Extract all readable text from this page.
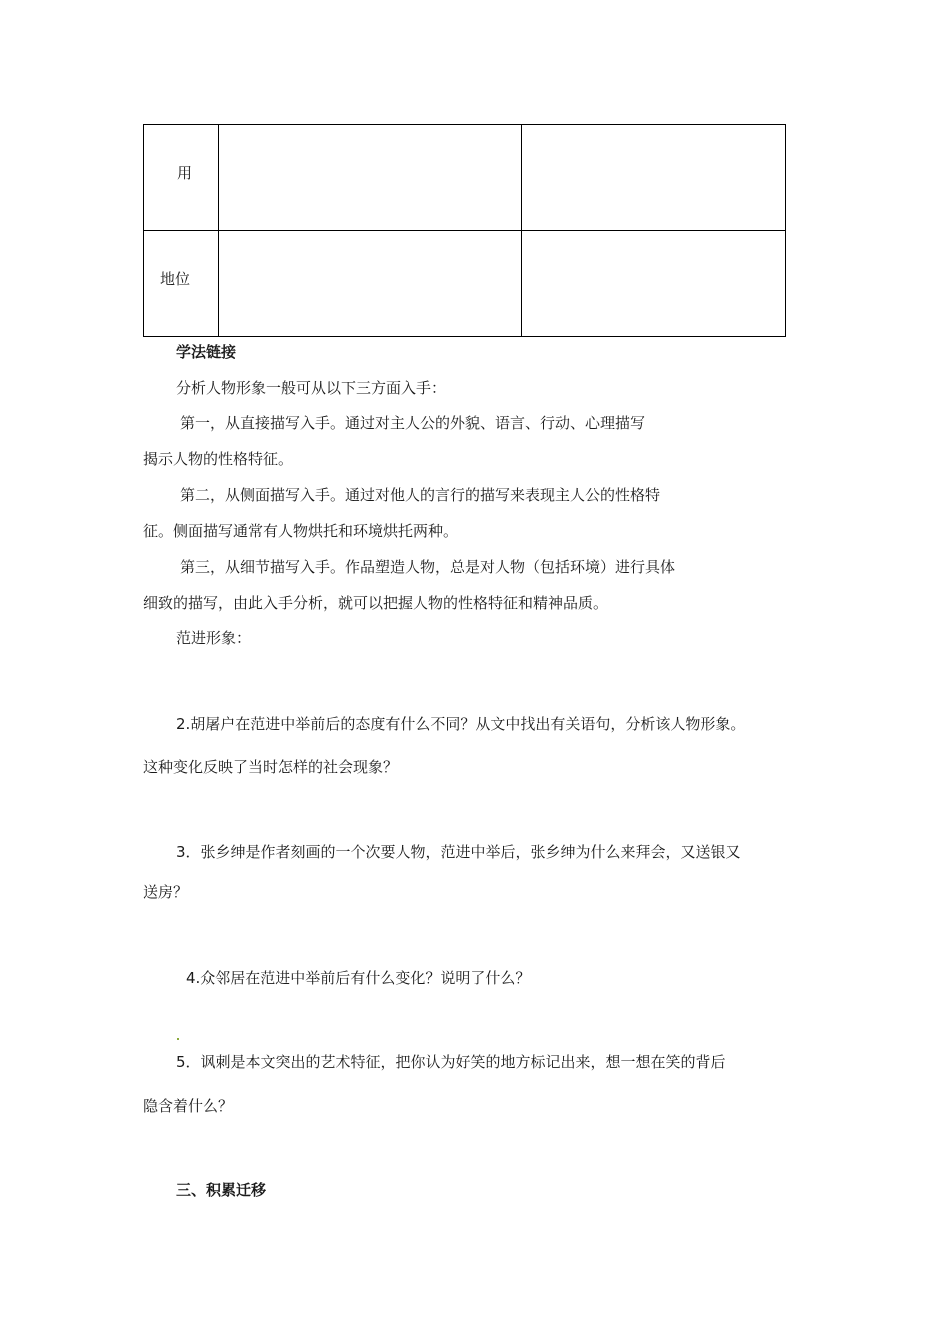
用
地位
学法链接
分析人物形象一般可从以下三方面入手：
第一，从直接描写入手。通过对主人公的外貌、语言、行动、心理描写
揭示人物的性格特征。
第二，从侧面描写入手。通过对他人的言行的描写来表现主人公的性格特
征。侧面描写通常有人物烘托和环境烘托两种。
第三，从细节描写入手。作品塑造人物，总是对人物（包括环境）进行具体
细致的描写，由此入手分析，就可以把握人物的性格特征和精神品质。
范进形象：
2.胡屠户在范进中举前后的态度有什么不同？从文中找出有关语句，分析该人物形象。
这种变化反映了当时怎样的社会现象？
3．张乡绅是作者刻画的一个次要人物，范进中举后，张乡绅为什么来拜会，又送银又
送房？
4.众邻居在范进中举前后有什么变化？说明了什么？
5．讽刺是本文突出的艺术特征，把你认为好笑的地方标记出来，想一想在笑的背后
隐含着什么？
三、积累迁移
